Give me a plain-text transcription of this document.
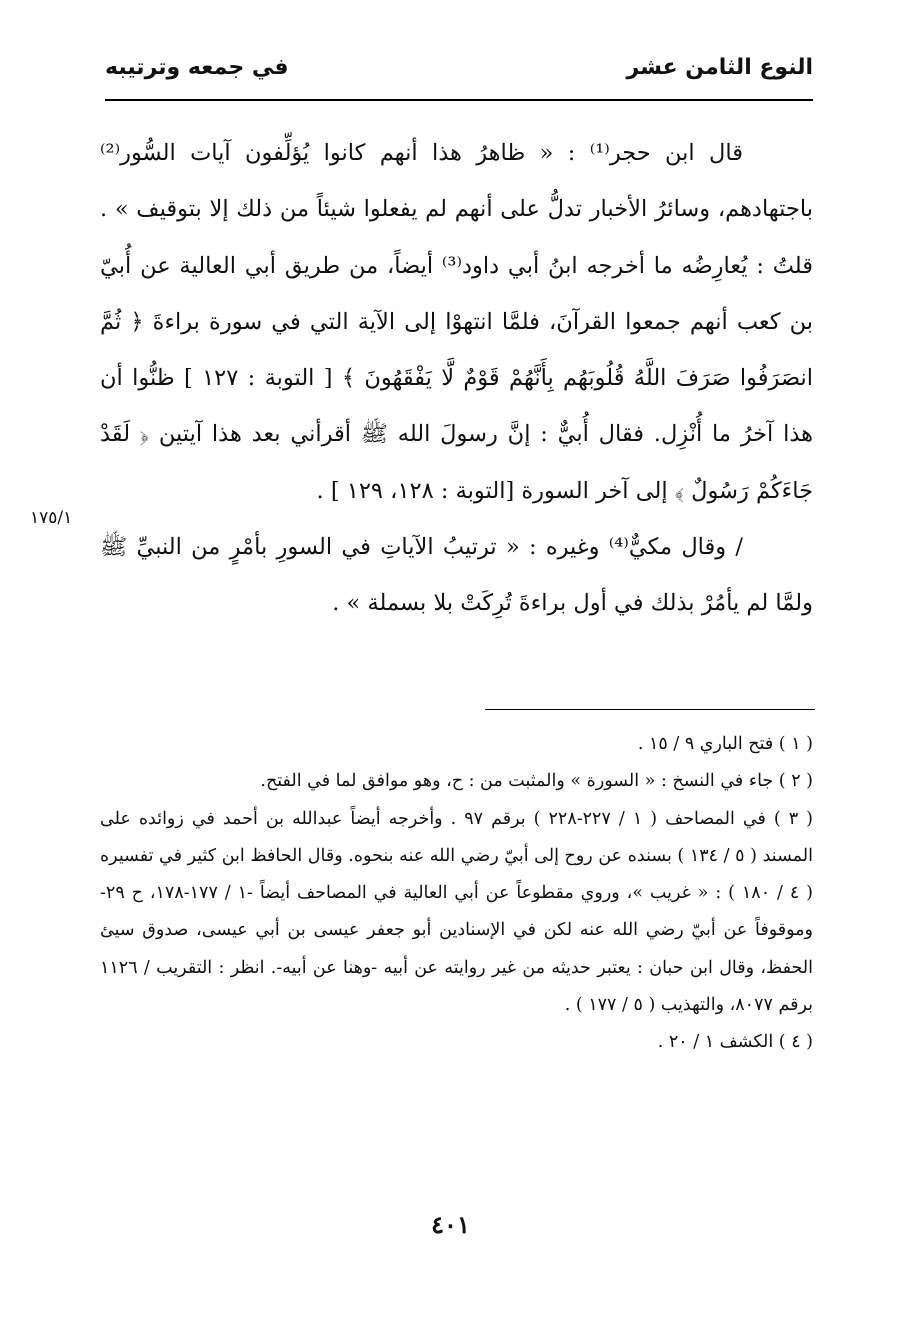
النوع الثامن عشر
في جمعه وترتيبه

قال ابن حجر⁽¹⁾ : « ظاهرُ هذا أنهم كانوا يُؤلِّفون آيات السُّور⁽²⁾ باجتهادهم، وسائرُ الأخبار تدلُّ على أنهم لم يفعلوا شيئاً من ذلك إلا بتوقيف » . قلتُ : يُعارِضُه ما أخرجه ابنُ أبي داود⁽³⁾ أيضاً، من طريق أبي العالية عن أُبيّ بن كعب أنهم جمعوا القرآنَ، فلمَّا انتهوْا إلى الآية التي في سورة براءةَ ﴿ ثُمَّ انصَرَفُوا صَرَفَ اللَّهُ قُلُوبَهُم بِأَنَّهُمْ قَوْمٌ لَّا يَفْقَهُونَ ﴾ [ التوبة : ١٢٧ ] ظنُّوا أن هذا آخرُ ما أُنْزِل. فقال أُبيٌّ : إنَّ رسولَ الله ﷺ أقرأني بعد هذا آيتين ﴿ لَقَدْ جَاءَكُمْ رَسُولٌ ﴾ إلى آخر السورة [التوبة : ١٢٨، ١٢٩ ] .

/ وقال مكيٌّ⁽⁴⁾ وغيره : « ترتيبُ الآياتِ في السورِ بأمْرٍ من النبيِّ ﷺ ولمَّا لم يأمُرْ بذلك في أول براءةَ تُرِكَتْ بلا بسملة » .

١٧٥/١

( ١ ) فتح الباري ٩ / ١٥ .

( ٢ ) جاء في النسخ : « السورة » والمثبت من : ح، وهو موافق لما في الفتح.

( ٣ ) في المصاحف ( ١ / ٢٢٧-٢٢٨ ) برقم ٩٧ . وأخرجه أيضاً عبدالله بن أحمد في زوائده على المسند ( ٥ / ١٣٤ ) بسنده عن روح إلى أبيّ رضي الله عنه بنحوه. وقال الحافظ ابن كثير في تفسيره ( ٤ / ١٨٠ ) : « غريب »، وروي مقطوعاً عن أبي العالية في المصاحف أيضاً -١ / ١٧٧-١٧٨، ح ٢٩- وموقوفاً عن أبيّ رضي الله عنه لكن في الإسنادين أبو جعفر عيسى بن أبي عيسى، صدوق سيئ الحفظ، وقال ابن حبان : يعتبر حديثه من غير روايته عن أبيه -وهنا عن أبيه-. انظر : التقريب / ١١٢٦ برقم ٨٠٧٧، والتهذيب ( ٥ / ١٧٧ ) .

( ٤ ) الكشف ١ / ٢٠ .

٤٠١
